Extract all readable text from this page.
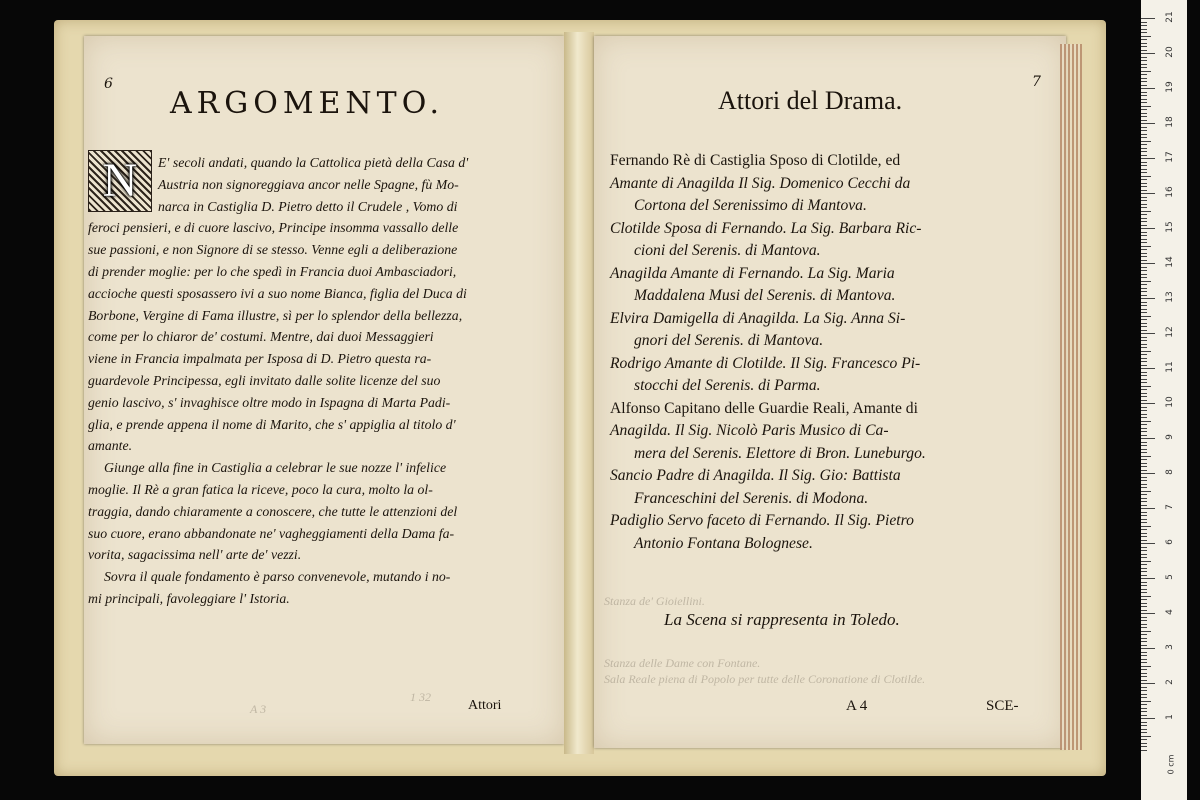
21
20
19
18
17
16
15
14
13
12
11
10
9
8
7
6
5
4
3
2
1
0 cm
6
ARGOMENTO.
N	E' secoli andati, quando la Cattolica pietà della Casa d'
Austria non signoreggiava ancor nelle Spagne, fù Mo-
narca in Castiglia D. Pietro detto il Crudele , Vomo di
feroci pensieri, e di cuore lascivo, Principe insomma vassallo delle
sue passioni, e non Signore di se stesso. Venne egli a deliberazione
di prender moglie: per lo che spedì in Francia duoi Ambasciadori,
accioche questi sposassero ivi a suo nome Bianca, figlia del Duca di
Borbone, Vergine di Fama illustre, sì per lo splendor della bellezza,
come per lo chiaror de' costumi. Mentre, dai duoi Messaggieri
viene in Francia impalmata per Isposa di D. Pietro questa ra-
guardevole Principessa, egli invitato dalle solite licenze del suo
genio lascivo, s' invaghisce oltre modo in Ispagna di Marta Padi-
glia, e prende appena il nome di Marito, che s' appiglia al titolo d'
amante.
Giunge alla fine in Castiglia a celebrar le sue nozze l' infelice
moglie. Il Rè a gran fatica la riceve, poco la cura, molto la ol-
traggia, dando chiaramente a conoscere, che tutte le attenzioni del
suo cuore, erano abbandonate ne' vagheggiamenti della Dama fa-
vorita, sagacissima nell' arte de' vezzi.
Sovra il quale fondamento è parso convenevole, mutando i no-
mi principali, favoleggiare l' Istoria.
Attori
A 3
1 32
7
Attori del Drama.
Fernando Rè di Castiglia Sposo di Clotilde, ed
Amante di Anagilda Il Sig. Domenico Cecchi da
Cortona del Serenissimo di Mantova.
Clotilde Sposa di Fernando. La Sig. Barbara Ric-
cioni del Serenis. di Mantova.
Anagilda Amante di Fernando. La Sig. Maria
Maddalena Musi del Serenis. di Mantova.
Elvira Damigella di Anagilda. La Sig. Anna Si-
gnori del Serenis. di Mantova.
Rodrigo Amante di Clotilde. Il Sig. Francesco Pi-
stocchi del Serenis. di Parma.
Alfonso Capitano delle Guardie Reali, Amante di
Anagilda. Il Sig. Nicolò Paris Musico di Ca-
mera del Serenis. Elettore di Bron. Luneburgo.
Sancio Padre di Anagilda. Il Sig. Gio: Battista
Franceschini del Serenis. di Modona.
Padiglio Servo faceto di Fernando. Il Sig. Pietro
Antonio Fontana Bolognese.
Stanza de' Gioiellini.
La Scena si rappresenta in Toledo.
Stanza delle Dame con Fontane.
Sala Reale piena di Popolo per tutte delle Coronatione di Clotilde.
A 4	SCE-
